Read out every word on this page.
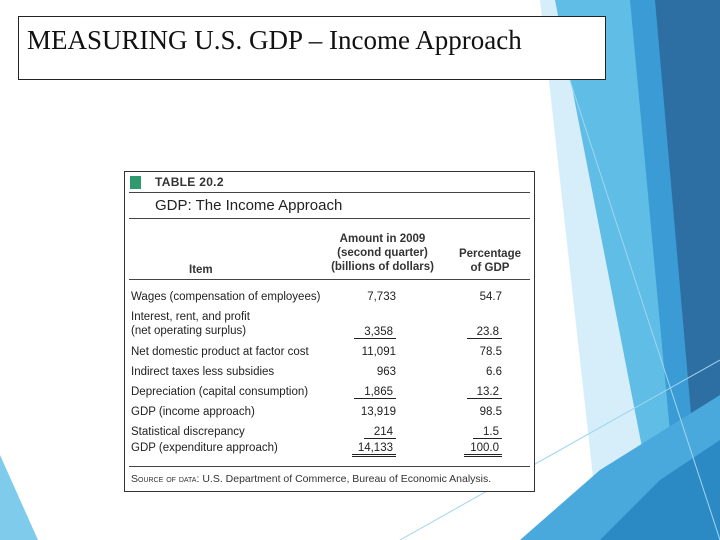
MEASURING U.S. GDP – Income Approach
TABLE 20.2
GDP: The Income Approach
Amount in 2009
(second quarter)
(billions of dollars)
Percentage
of GDP
Item
Wages (compensation of employees)	7,733	54.7
Interest, rent, and profit
(net operating surplus)	3,358	23.8
Net domestic product at factor cost	11,091	78.5
Indirect taxes less subsidies	963	6.6
Depreciation (capital consumption)	1,865	13.2
GDP (income approach)	13,919	98.5
Statistical discrepancy	214	1.5
GDP (expenditure approach)	14,133	100.0
Source of data: U.S. Department of Commerce, Bureau of Economic Analysis.
